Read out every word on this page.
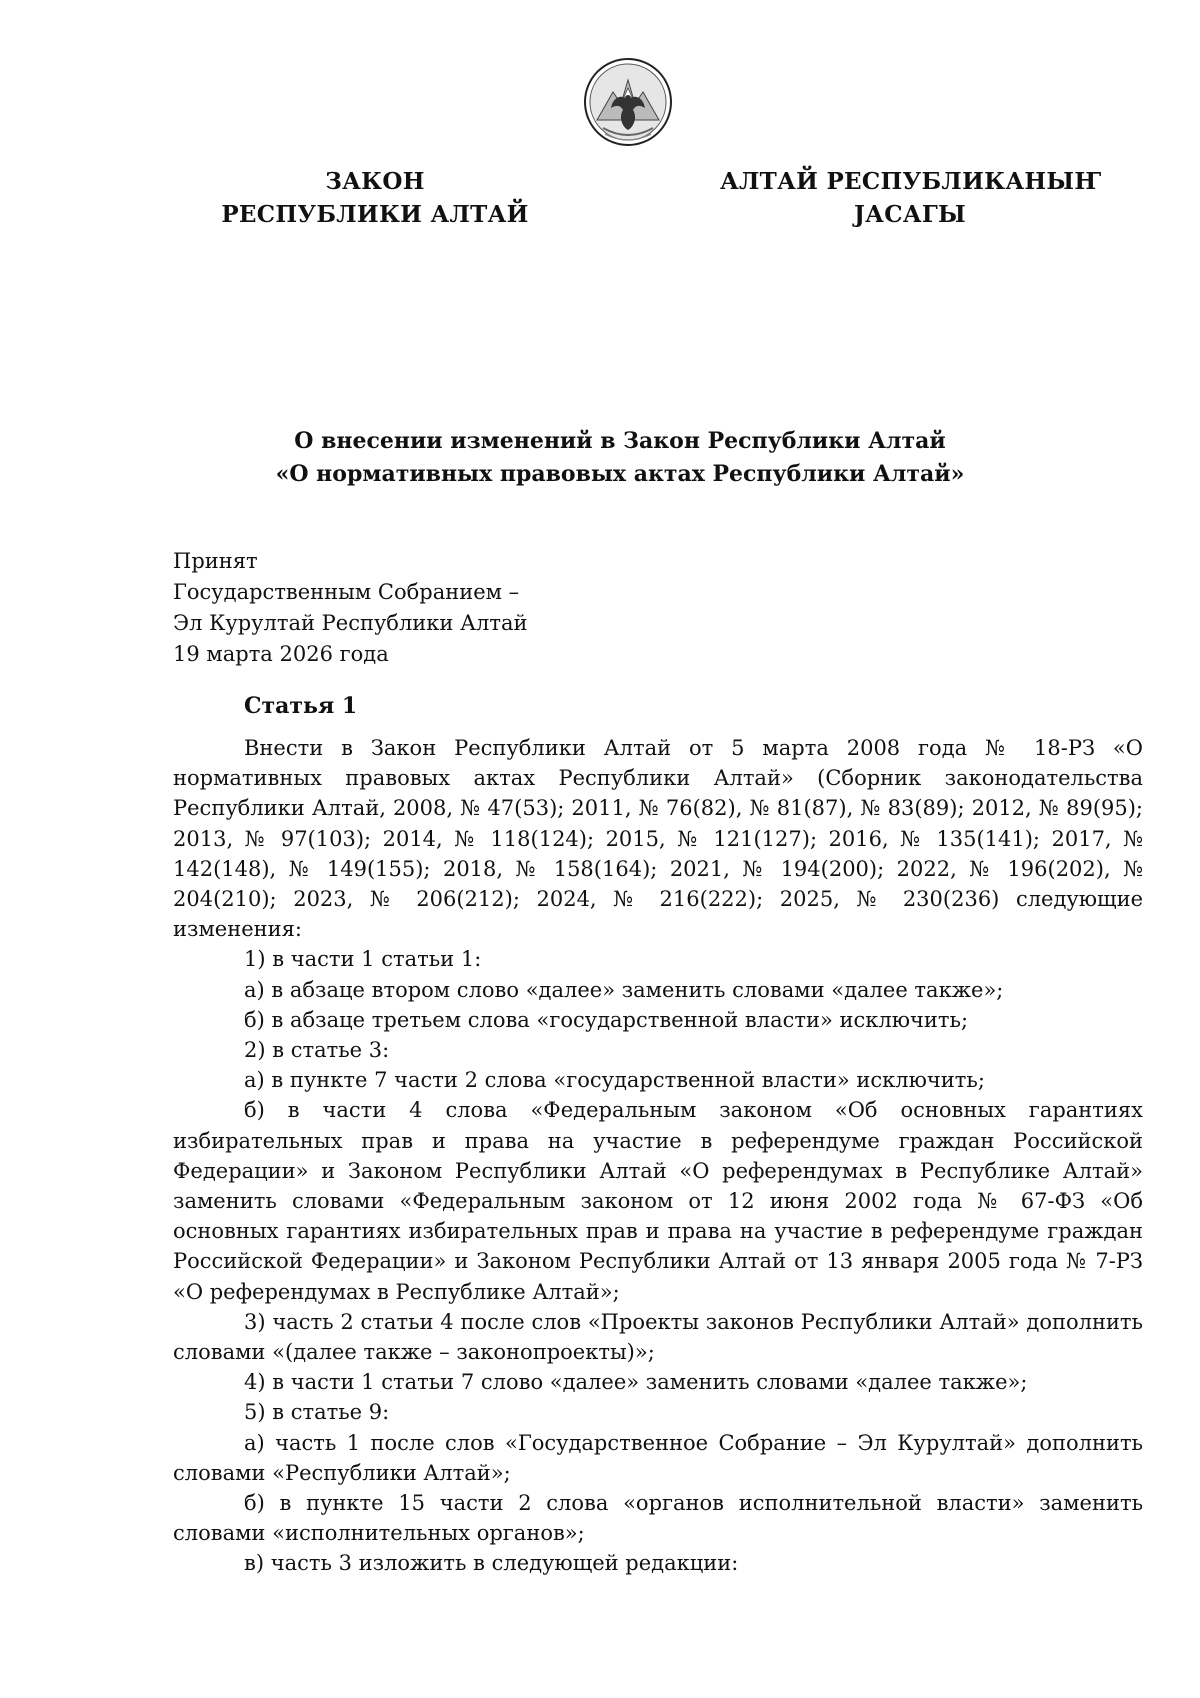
ЗАКОН
РЕСПУБЛИКИ АЛТАЙ
АЛТАЙ РЕСПУБЛИКАНЫҤ
JАСАГЫ
О внесении изменений в Закон Республики Алтай
«О нормативных правовых актах Республики Алтай»
Принят
Государственным Собранием –
Эл Курултай Республики Алтай
19 марта 2026 года
Статья 1

Внести в Закон Республики Алтай от 5 марта 2008 года № 18-РЗ «О нормативных правовых актах Республики Алтай» (Сборник законодательства Республики Алтай, 2008, № 47(53); 2011, № 76(82), № 81(87), № 83(89); 2012, № 89(95); 2013, № 97(103); 2014, № 118(124); 2015, № 121(127); 2016, № 135(141); 2017, № 142(148), № 149(155); 2018, № 158(164); 2021, № 194(200); 2022, № 196(202), № 204(210); 2023, № 206(212); 2024, № 216(222); 2025, № 230(236) следующие изменения:

1) в части 1 статьи 1:

а) в абзаце втором слово «далее» заменить словами «далее также»;

б) в абзаце третьем слова «государственной власти» исключить;

2) в статье 3:

а) в пункте 7 части 2 слова «государственной власти» исключить;

б) в части 4 слова «Федеральным законом «Об основных гарантиях избирательных прав и права на участие в референдуме граждан Российской Федерации» и Законом Республики Алтай «О референдумах в Республике Алтай» заменить словами «Федеральным законом от 12 июня 2002 года № 67-ФЗ «Об основных гарантиях избирательных прав и права на участие в референдуме граждан Российской Федерации» и Законом Республики Алтай от 13 января 2005 года № 7-РЗ «О референдумах в Республике Алтай»;

3) часть 2 статьи 4 после слов «Проекты законов Республики Алтай» дополнить словами «(далее также – законопроекты)»;

4) в части 1 статьи 7 слово «далее» заменить словами «далее также»;

5) в статье 9:

а) часть 1 после слов «Государственное Собрание – Эл Курултай» дополнить словами «Республики Алтай»;

б) в пункте 15 части 2 слова «органов исполнительной власти» заменить словами «исполнительных органов»;

в) часть 3 изложить в следующей редакции:
